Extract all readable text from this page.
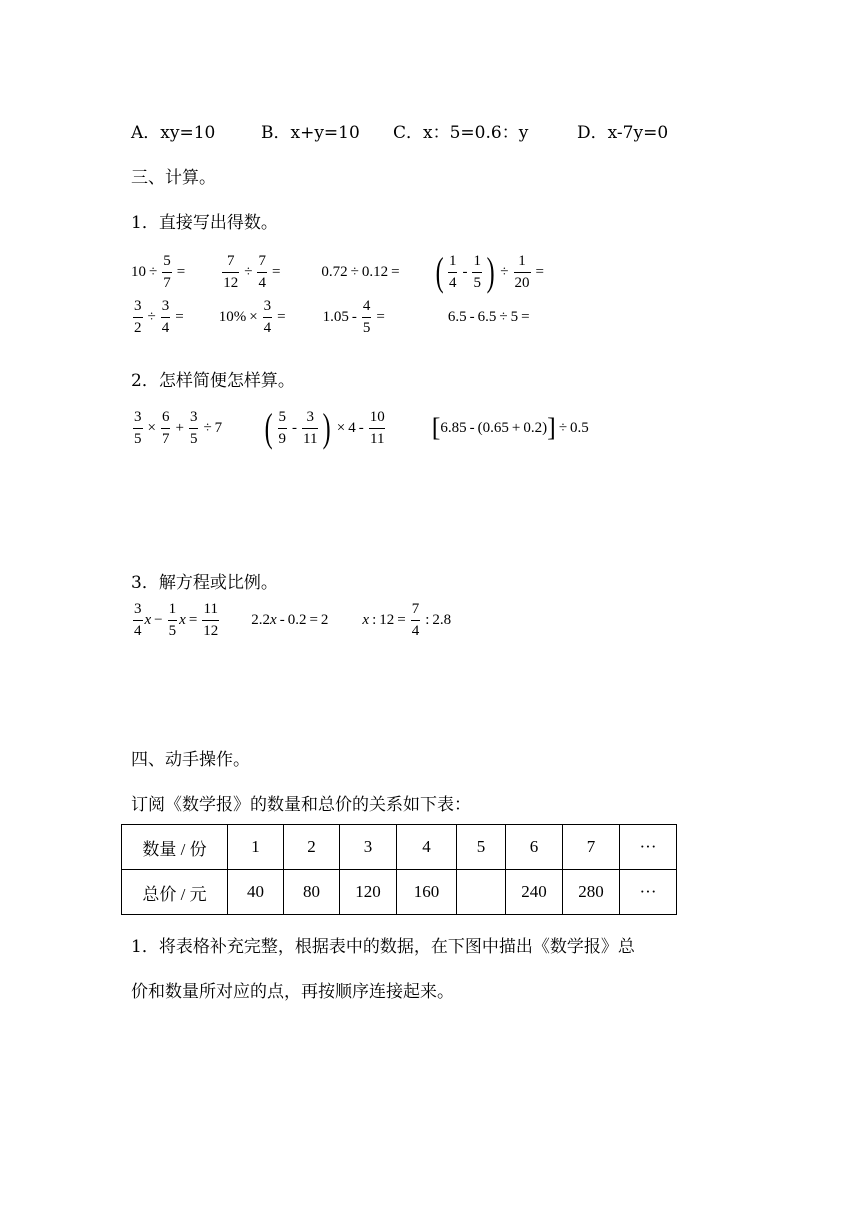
A．xy=10	B．x+y=10 C．x：5=0.6：y	D．x-7y=0
三、计算。
1．直接写出得数。
$10 \div \frac{5}{7} = \frac{7}{12} \div \frac{7}{4}$ =	0.72 ÷ 0.12 = ( $\frac{1}{4} - \frac{1}{5}$ ) ÷ $\frac{1}{20}$ =
$\frac{3}{2} \div \frac{3}{4} = 10\% \times \frac{3}{4} = 1.05 - \frac{4}{5}$ =	6.5 - 6.5 ÷ 5 =
2．怎样简便怎样算。
$\frac{3}{5} \times \frac{6}{7} + \frac{3}{5} \div 7$ ( $\frac{5}{9} - \frac{3}{11}$ ) × $4 - \frac{10}{11}$ [ 6.85 - (0.65 + 0.2) ] ÷ 0.5
3．解方程或比例。
$\frac{3}{4}$ $x - \frac{1}{5}$ $x = \frac{11}{12} 2.2$ x - 0.2 = 2 x : $12 = \frac{7}{4}$ : 2.8
四、动手操作。
订阅《数学报》的数量和总价的关系如下表：
数量 / 份	1	2	3	4	5	6	7	···
总价 / 元	40	80	120	160		240	280	···
1．将表格补充完整，根据表中的数据，在下图中描出《数学报》总
价和数量所对应的点，再按顺序连接起来。
